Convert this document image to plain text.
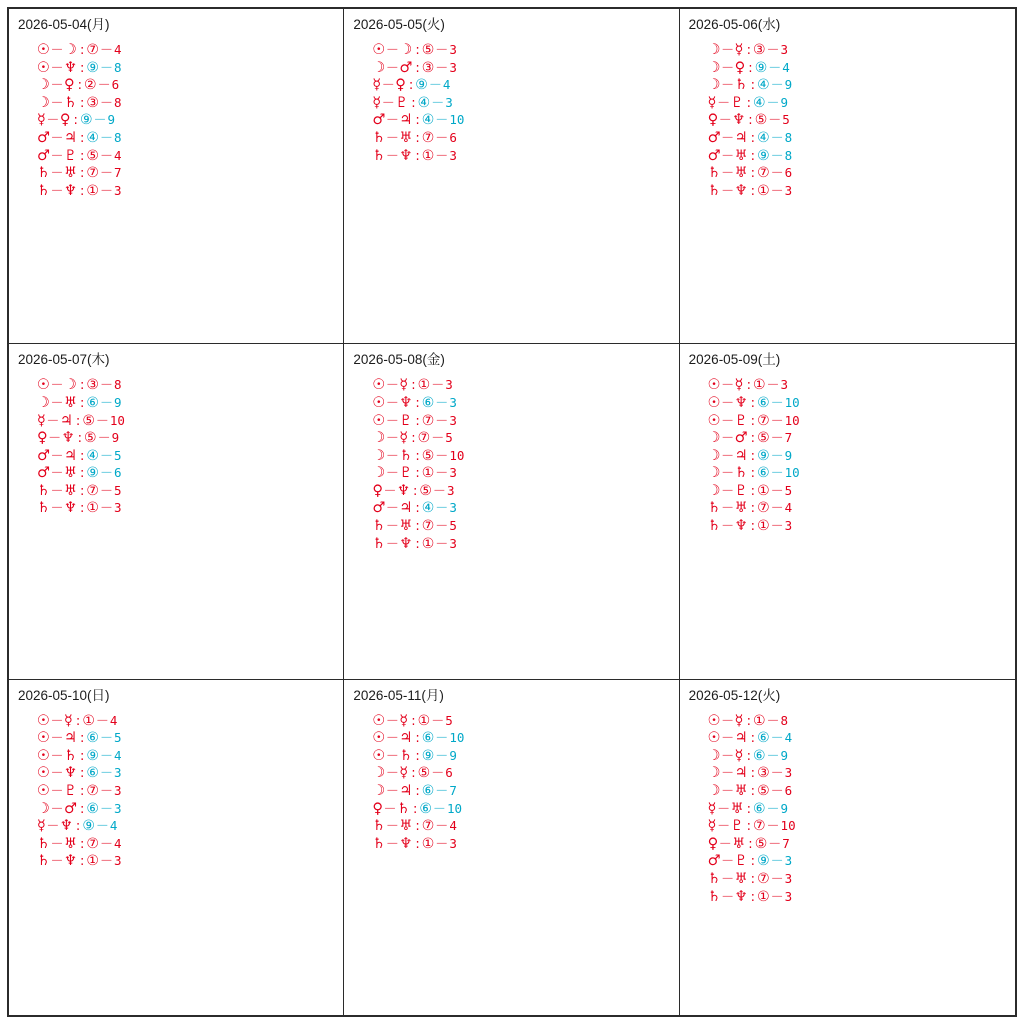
2026-05-04(月)
☉－☽ : ⑦－4
☉－♆ : ⑨－8
☽－♀ : ②－6
☽－♄ : ③－8
☿－♀ : ⑨－9
♂－♃ : ④－8
♂－♇ : ⑤－4
♄－♅ : ⑦－7
♄－♆ : ①－3
2026-05-05(火)
☉－☽ : ⑤－3
☽－♂ : ③－3
☿－♀ : ⑨－4
☿－♇ : ④－3
♂－♃ : ④－10
♄－♅ : ⑦－6
♄－♆ : ①－3
2026-05-06(水)
☽－☿ : ③－3
☽－♀ : ⑨－4
☽－♄ : ④－9
☿－♇ : ④－9
♀－♆ : ⑤－5
♂－♃ : ④－8
♂－♅ : ⑨－8
♄－♅ : ⑦－6
♄－♆ : ①－3
2026-05-07(木)
☉－☽ : ③－8
☽－♅ : ⑥－9
☿－♃ : ⑤－10
♀－♆ : ⑤－9
♂－♃ : ④－5
♂－♅ : ⑨－6
♄－♅ : ⑦－5
♄－♆ : ①－3
2026-05-08(金)
☉－☿ : ①－3
☉－♆ : ⑥－3
☉－♇ : ⑦－3
☽－☿ : ⑦－5
☽－♄ : ⑤－10
☽－♇ : ①－3
♀－♆ : ⑤－3
♂－♃ : ④－3
♄－♅ : ⑦－5
♄－♆ : ①－3
2026-05-09(土)
☉－☿ : ①－3
☉－♆ : ⑥－10
☉－♇ : ⑦－10
☽－♂ : ⑤－7
☽－♃ : ⑨－9
☽－♄ : ⑥－10
☽－♇ : ①－5
♄－♅ : ⑦－4
♄－♆ : ①－3
2026-05-10(日)
☉－☿ : ①－4
☉－♃ : ⑥－5
☉－♄ : ⑨－4
☉－♆ : ⑥－3
☉－♇ : ⑦－3
☽－♂ : ⑥－3
☿－♆ : ⑨－4
♄－♅ : ⑦－4
♄－♆ : ①－3
2026-05-11(月)
☉－☿ : ①－5
☉－♃ : ⑥－10
☉－♄ : ⑨－9
☽－☿ : ⑤－6
☽－♃ : ⑥－7
♀－♄ : ⑥－10
♄－♅ : ⑦－4
♄－♆ : ①－3
2026-05-12(火)
☉－☿ : ①－8
☉－♃ : ⑥－4
☽－☿ : ⑥－9
☽－♃ : ③－3
☽－♅ : ⑤－6
☿－♅ : ⑥－9
☿－♇ : ⑦－10
♀－♅ : ⑤－7
♂－♇ : ⑨－3
♄－♅ : ⑦－3
♄－♆ : ①－3
